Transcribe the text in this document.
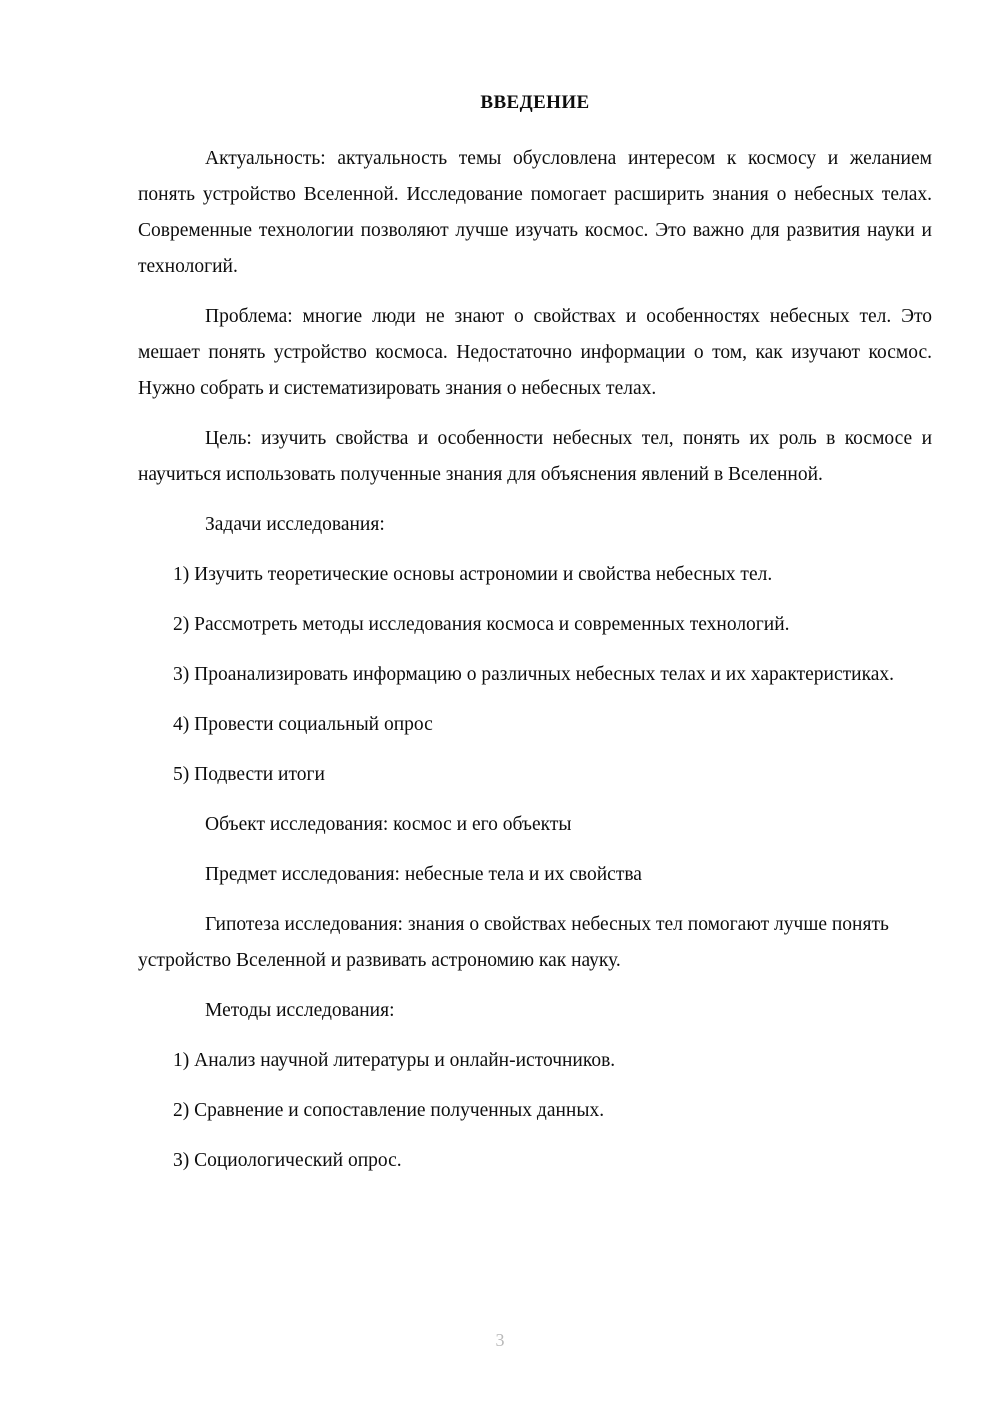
ВВЕДЕНИЕ

Актуальность: актуальность темы обусловлена интересом к космосу и желанием понять устройство Вселенной. Исследование помогает расширить знания о небесных телах. Современные технологии позволяют лучше изучать космос. Это важно для развития науки и технологий.

Проблема: многие люди не знают о свойствах и особенностях небесных тел. Это мешает понять устройство космоса. Недостаточно информации о том, как изучают космос. Нужно собрать и систематизировать знания о небесных телах.

Цель: изучить свойства и особенности небесных тел, понять их роль в космосе и научиться использовать полученные знания для объяснения явлений в Вселенной.

Задачи исследования:

1) Изучить теоретические основы астрономии и свойства небесных тел.

2) Рассмотреть методы исследования космоса и современных технологий.

3) Проанализировать информацию о различных небесных телах и их характеристиках.

4) Провести социальный опрос

5) Подвести итоги

Объект исследования: космос и его объекты

Предмет исследования: небесные тела и их свойства

Гипотеза исследования: знания о свойствах небесных тел помогают лучше понять устройство Вселенной и развивать астрономию как науку.

Методы исследования:

1) Анализ научной литературы и онлайн-источников.

2) Сравнение и сопоставление полученных данных.

3) Социологический опрос.

3
